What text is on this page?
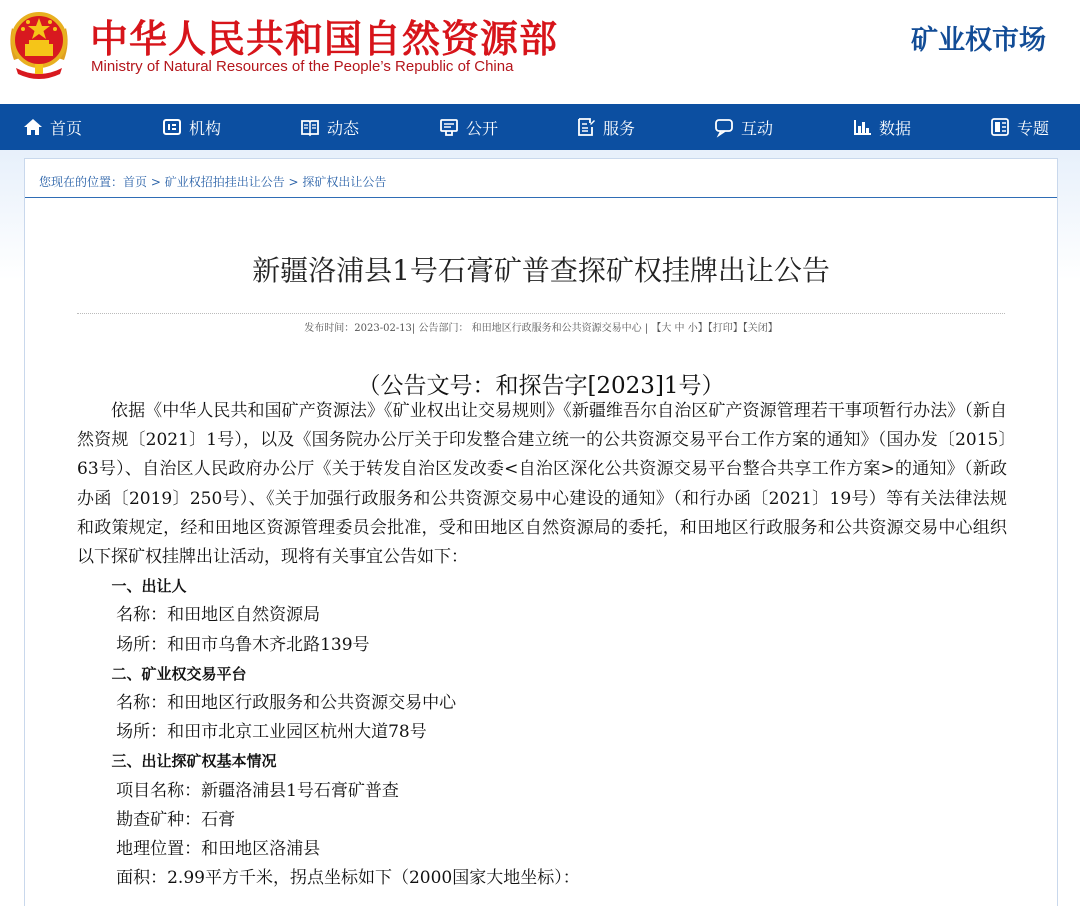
中华人民共和国自然资源部
Ministry of Natural Resources of the People’s Republic of China
矿业权市场
首页	机构	动态	公开	服务	互动	数据	专题
您现在的位置：首页 > 矿业权招拍挂出让公告 > 探矿权出让公告
新疆洛浦县1号石膏矿普查探矿权挂牌出让公告
发布时间：2023-02-13| 公告部门： 和田地区行政服务和公共资源交易中心 | 【大 中 小】【打印】【关闭】
（公告文号：和探告字[2023]1号）

依据《中华人民共和国矿产资源法》《矿业权出让交易规则》《新疆维吾尔自治区矿产资源管理若干事项暂行办法》（新自然资规〔2021〕1号），以及《国务院办公厅关于印发整合建立统一的公共资源交易平台工作方案的通知》（国办发〔2015〕63号）、自治区人民政府办公厅《关于转发自治区发改委<自治区深化公共资源交易平台整合共享工作方案>的通知》（新政办函〔2019〕250号）、《关于加强行政服务和公共资源交易中心建设的通知》（和行办函〔2021〕19号）等有关法律法规和政策规定，经和田地区资源管理委员会批准，受和田地区自然资源局的委托，和田地区行政服务和公共资源交易中心组织以下探矿权挂牌出让活动，现将有关事宜公告如下：

一、出让人

名称：和田地区自然资源局

场所：和田市乌鲁木齐北路139号

二、矿业权交易平台

名称：和田地区行政服务和公共资源交易中心

场所：和田市北京工业园区杭州大道78号

三、出让探矿权基本情况

项目名称：新疆洛浦县1号石膏矿普查

勘查矿种：石膏

地理位置：和田地区洛浦县

面积：2.99平方千米，拐点坐标如下（2000国家大地坐标）：
